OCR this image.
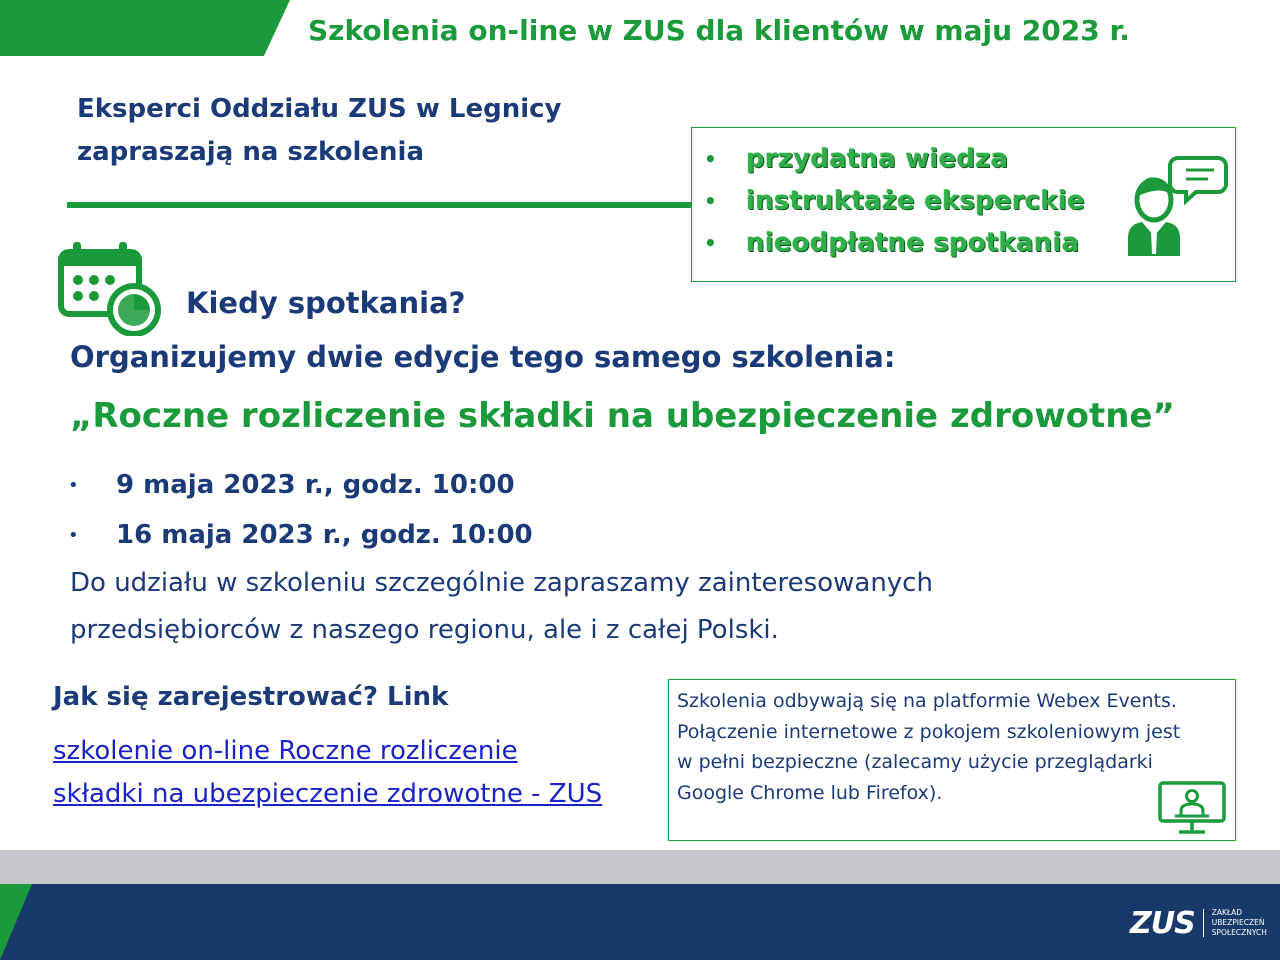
Szkolenia on-line w ZUS dla klientów w maju 2023 r.
Eksperci Oddziału ZUS w Legnicy
zapraszają na szkolenia	•	przydatna wiedza
•	instruktaże eksperckie
•	nieodpłatne spotkania
Kiedy spotkania?
Organizujemy dwie edycje tego samego szkolenia:
„Roczne rozliczenie składki na ubezpieczenie zdrowotne”
•	9 maja 2023 r., godz. 10:00
•	16 maja 2023 r., godz. 10:00
Do udziału w szkoleniu szczególnie zapraszamy zainteresowanych
przedsiębiorców z naszego regionu, ale i z całej Polski.
Jak się zarejestrować? Link
szkolenie on-line Roczne rozliczenie
składki na ubezpieczenie zdrowotne - ZUS
Szkolenia odbywają się na platformie Webex Events.
Połączenie internetowe z pokojem szkoleniowym jest
w pełni bezpieczne (zalecamy użycie przeglądarki
Google Chrome lub Firefox).
ZUS ZAKŁAD
UBEZPIECZEŃ
SPOŁECZNYCH
